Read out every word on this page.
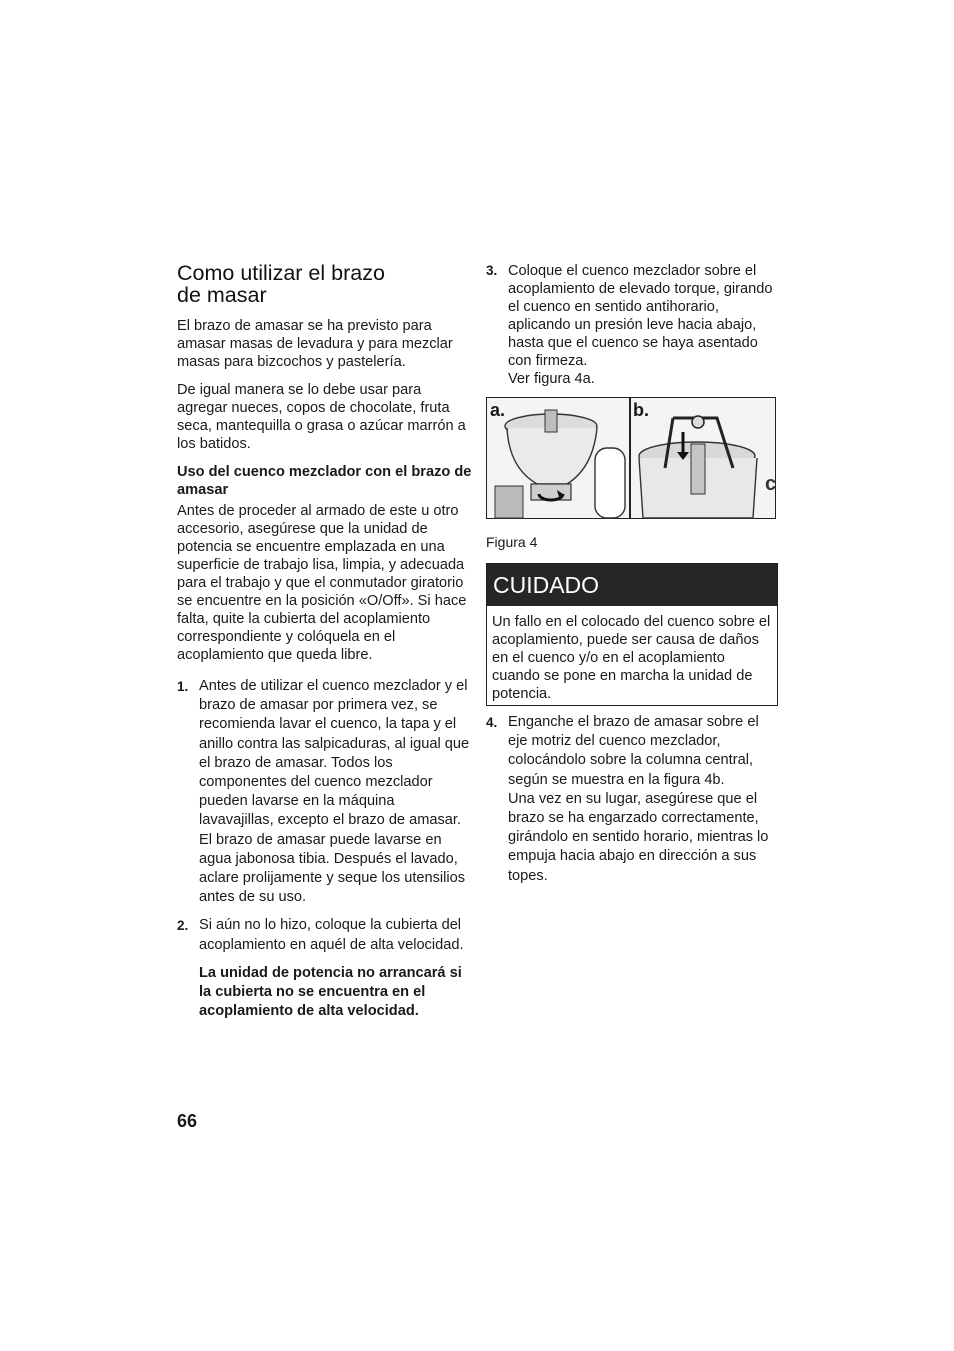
Como utilizar el brazo
de masar

El brazo de amasar se ha previsto para amasar masas de levadura y para mezclar masas para bizcochos y pastelería.

De igual manera se lo debe usar para agregar nueces, copos de chocolate, fruta seca, mantequilla o grasa o azúcar marrón a los batidos.

Uso del cuenco mezclador con el brazo de amasar

Antes de proceder al armado de este u otro accesorio, asegúrese que la unidad de potencia se encuentre emplazada en una superficie de trabajo lisa, limpia, y adecuada para el trabajo y que el conmutador giratorio se encuentre en la posición «O/Off». Si hace falta, quite la cubierta del acoplamiento correspondiente y colóquela en el acoplamiento que queda libre.

1. Antes de utilizar el cuenco mezclador y el brazo de amasar por primera vez, se recomienda lavar el cuenco, la tapa y el anillo contra las salpicaduras, al igual que el brazo de amasar. Todos los componentes del cuenco mezclador pueden lavarse en la máquina lavavajillas, excepto el brazo de amasar. El brazo de amasar puede lavarse en agua jabonosa tibia. Después el lavado, aclare prolijamente y seque los utensilios antes de su uso.
2. Si aún no lo hizo, coloque la cubierta del acoplamiento en aquél de alta velocidad.
La unidad de potencia no arrancará si la cubierta no se encuentra en el acoplamiento de alta velocidad.
3. Coloque el cuenco mezclador sobre el acoplamiento de elevado torque, girando el cuenco en sentido antihorario, aplicando un presión leve hacia abajo, hasta que el cuenco se haya asentado con firmeza.
Ver figura 4a.
c
a.	b.
Figura 4
CUIDADO
Un fallo en el colocado del cuenco sobre el acoplamiento, puede ser causa de daños en el cuenco y/o en el acoplamiento cuando se pone en marcha la unidad de potencia.
4. Enganche el brazo de amasar sobre el eje motriz del cuenco mezclador, colocándolo sobre la columna central, según se muestra en la figura 4b.
Una vez en su lugar, asegúrese que el brazo se ha engarzado correctamente, girándolo en sentido horario, mientras lo empuja hacia abajo en dirección a sus topes.
66
